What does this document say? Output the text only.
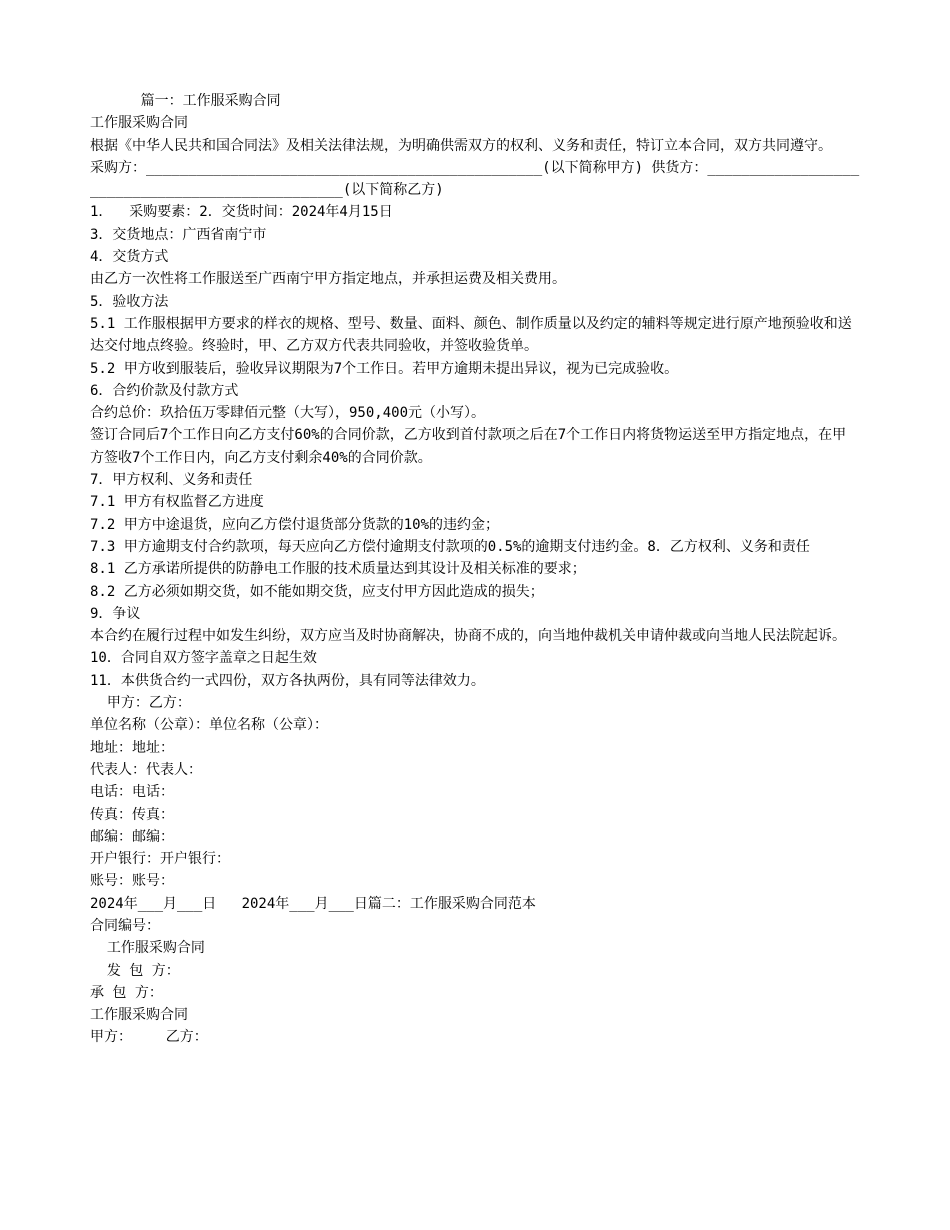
篇一：工作服采购合同

工作服采购合同

根据《中华人民共和国合同法》及相关法律法规，为明确供需双方的权利、义务和责任，特订立本合同，双方共同遵守。

采购方：_______________________________________________(以下简称甲方) 供货方：________________________________________________(以下简称乙方)

1．  采购要素：2．交货时间：2024年4月15日

3．交货地点：广西省南宁市

4．交货方式

由乙方一次性将工作服送至广西南宁甲方指定地点，并承担运费及相关费用。

5．验收方法

5.1 工作服根据甲方要求的样衣的规格、型号、数量、面料、颜色、制作质量以及约定的辅料等规定进行原产地预验收和送达交付地点终验。终验时，甲、乙方双方代表共同验收，并签收验货单。

5.2 甲方收到服装后，验收异议期限为7个工作日。若甲方逾期未提出异议，视为已完成验收。

6．合约价款及付款方式

合约总价：玖拾伍万零肆佰元整（大写），950,400元（小写）。

签订合同后7个工作日向乙方支付60%的合同价款，乙方收到首付款项之后在7个工作日内将货物运送至甲方指定地点，在甲方签收7个工作日内，向乙方支付剩余40%的合同价款。

7．甲方权利、义务和责任

7.1 甲方有权监督乙方进度

7.2 甲方中途退货，应向乙方偿付退货部分货款的10%的违约金；

7.3 甲方逾期支付合约款项，每天应向乙方偿付逾期支付款项的0.5%的逾期支付违约金。8．乙方权利、义务和责任

8.1 乙方承诺所提供的防静电工作服的技术质量达到其设计及相关标准的要求；

8.2 乙方必须如期交货，如不能如期交货，应支付甲方因此造成的损失；

9．争议

本合约在履行过程中如发生纠纷，双方应当及时协商解决，协商不成的，向当地仲裁机关申请仲裁或向当地人民法院起诉。

10．合同自双方签字盖章之日起生效

11．本供货合约一式四份，双方各执两份，具有同等法律效力。

甲方：乙方：

单位名称（公章）：单位名称（公章）：

地址：地址：

代表人：代表人：

电话：电话：

传真：传真：

邮编：邮编：

开户银行：开户银行：

账号：账号：

2024年___月___日   2024年___月___日篇二：工作服采购合同范本

合同编号：

工作服采购合同

发 包 方：

承 包 方：

工作服采购合同

甲方：    乙方：
